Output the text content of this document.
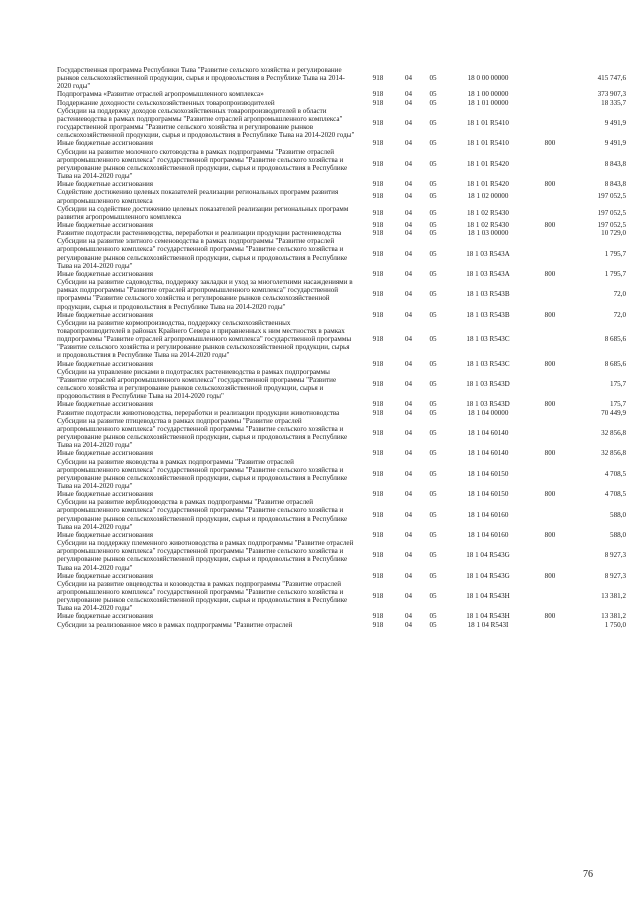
Государственная программа Республики Тыва "Развитие сельского хозяйства и регулирование рынков сельскохозяйственной продукции, сырья и продовольствия в Республике Тыва на 2014-2020 годы"	918	04	05	18 0 00 00000		415 747,6
Подпрограмма «Развитие отраслей агропромышленного комплекса»	918	04	05	18 1 00 00000		373 907,3
Поддержание доходности сельскохозяйственных товаропроизводителей	918	04	05	18 1 01 00000		18 335,7
Субсидии на поддержку доходов сельскохозяйственных товаропроизводителей в области растениеводства в рамках подпрограммы "Развитие отраслей агропромышленного комплекса" государственной программы "Развитие сельского хозяйства и регулирование рынков сельскохозяйственной продукции, сырья и продовольствия в Республике Тыва на 2014-2020 годы"	918	04	05	18 1 01 R5410		9 491,9
Иные бюджетные ассигнования	918	04	05	18 1 01 R5410	800	9 491,9
Субсидии на развитие молочного скотоводства в рамках подпрограммы "Развитие отраслей агропромышленного комплекса" государственной программы "Развитие сельского хозяйства и регулирование рынков сельскохозяйственной продукции, сырья и продовольствия в Республике Тыва на 2014-2020 годы"	918	04	05	18 1 01 R5420		8 843,8
Иные бюджетные ассигнования	918	04	05	18 1 01 R5420	800	8 843,8
Содействие достижению целевых показателей реализации региональных программ развития агропромышленного комплекса	918	04	05	18 1 02 00000		197 052,5
Субсидии на содействие достижению целевых показателей реализации региональных программ развития агропромышленного комплекса	918	04	05	18 1 02 R5430		197 052,5
Иные бюджетные ассигнования	918	04	05	18 1 02 R5430	800	197 052,5
Развитие подотрасли растениеводства, переработки и реализации продукции растениеводства	918	04	05	18 1 03 00000		10 729,0
Субсидии на развитие элитного семеноводства в рамках подпрограммы "Развитие отраслей агропромышленного комплекса" государственной программы "Развитие сельского хозяйства и регулирование рынков сельскохозяйственной продукции, сырья и продовольствия в Республике Тыва на 2014-2020 годы"	918	04	05	18 1 03 R543A		1 795,7
Иные бюджетные ассигнования	918	04	05	18 1 03 R543A	800	1 795,7
Субсидии на развитие садоводства, поддержку закладки и уход за многолетними насаждениями в рамках подпрограммы "Развитие отраслей агропромышленного комплекса" государственной программы "Развитие сельского хозяйства и регулирование рынков сельскохозяйственной продукции, сырья и продовольствия в Республике Тыва на 2014-2020 годы"	918	04	05	18 1 03 R543B		72,0
Иные бюджетные ассигнования	918	04	05	18 1 03 R543B	800	72,0
Субсидии на развитие кормопроизводства, поддержку сельскохозяйственных товаропроизводителей в районах Крайнего Севера и приравненных к ним местностях в рамках подпрограммы "Развитие отраслей агропромышленного комплекса" государственной программы "Развитие сельского хозяйства и регулирование рынков сельскохозяйственной продукции, сырья и продовольствия в Республике Тыва на 2014-2020 годы"	918	04	05	18 1 03 R543C		8 685,6
Иные бюджетные ассигнования	918	04	05	18 1 03 R543C	800	8 685,6
Субсидии на управление рисками в подотраслях растениеводства в рамках подпрограммы "Развитие отраслей агропромышленного комплекса" государственной программы "Развитие сельского хозяйства и регулирование рынков сельскохозяйственной продукции, сырья и продовольствия в Республике Тыва на 2014-2020 годы"	918	04	05	18 1 03 R543D		175,7
Иные бюджетные ассигнования	918	04	05	18 1 03 R543D	800	175,7
Развитие подотрасли животноводства, переработки и реализации продукции животноводства	918	04	05	18 1 04 00000		70 449,9
Субсидии на развитие птицеводства в рамках подпрограммы "Развитие отраслей агропромышленного комплекса" государственной программы "Развитие сельского хозяйства и регулирование рынков сельскохозяйственной продукции, сырья и продовольствия в Республике Тыва на 2014-2020 годы"	918	04	05	18 1 04 60140		32 856,8
Иные бюджетные ассигнования	918	04	05	18 1 04 60140	800	32 856,8
Субсидии на развитие яководства в рамках подпрограммы "Развитие отраслей агропромышленного комплекса" государственной программы "Развитие сельского хозяйства и регулирование рынков сельскохозяйственной продукции, сырья и продовольствия в Республике Тыва на 2014-2020 годы"	918	04	05	18 1 04 60150		4 708,5
Иные бюджетные ассигнования	918	04	05	18 1 04 60150	800	4 708,5
Субсидии на развитие верблюдоводства в рамках подпрограммы "Развитие отраслей агропромышленного комплекса" государственной программы "Развитие сельского хозяйства и регулирование рынков сельскохозяйственной продукции, сырья и продовольствия в Республике Тыва на 2014-2020 годы"	918	04	05	18 1 04 60160		588,0
Иные бюджетные ассигнования	918	04	05	18 1 04 60160	800	588,0
Субсидии на поддержку племенного животноводства в рамках подпрограммы "Развитие отраслей агропромышленного комплекса" государственной программы "Развитие сельского хозяйства и регулирование рынков сельскохозяйственной продукции, сырья и продовольствия в Республике Тыва на 2014-2020 годы"	918	04	05	18 1 04 R543G		8 927,3
Иные бюджетные ассигнования	918	04	05	18 1 04 R543G	800	8 927,3
Субсидии на развитие овцеводства и козоводства в рамках подпрограммы "Развитие отраслей агропромышленного комплекса" государственной программы "Развитие сельского хозяйства и регулирование рынков сельскохозяйственной продукции, сырья и продовольствия в Республике Тыва на 2014-2020 годы"	918	04	05	18 1 04 R543H		13 381,2
Иные бюджетные ассигнования	918	04	05	18 1 04 R543H	800	13 381,2
Субсидии за реализованное мясо в рамках подпрограммы "Развитие отраслей	918	04	05	18 1 04 R543I		1 750,0
76
